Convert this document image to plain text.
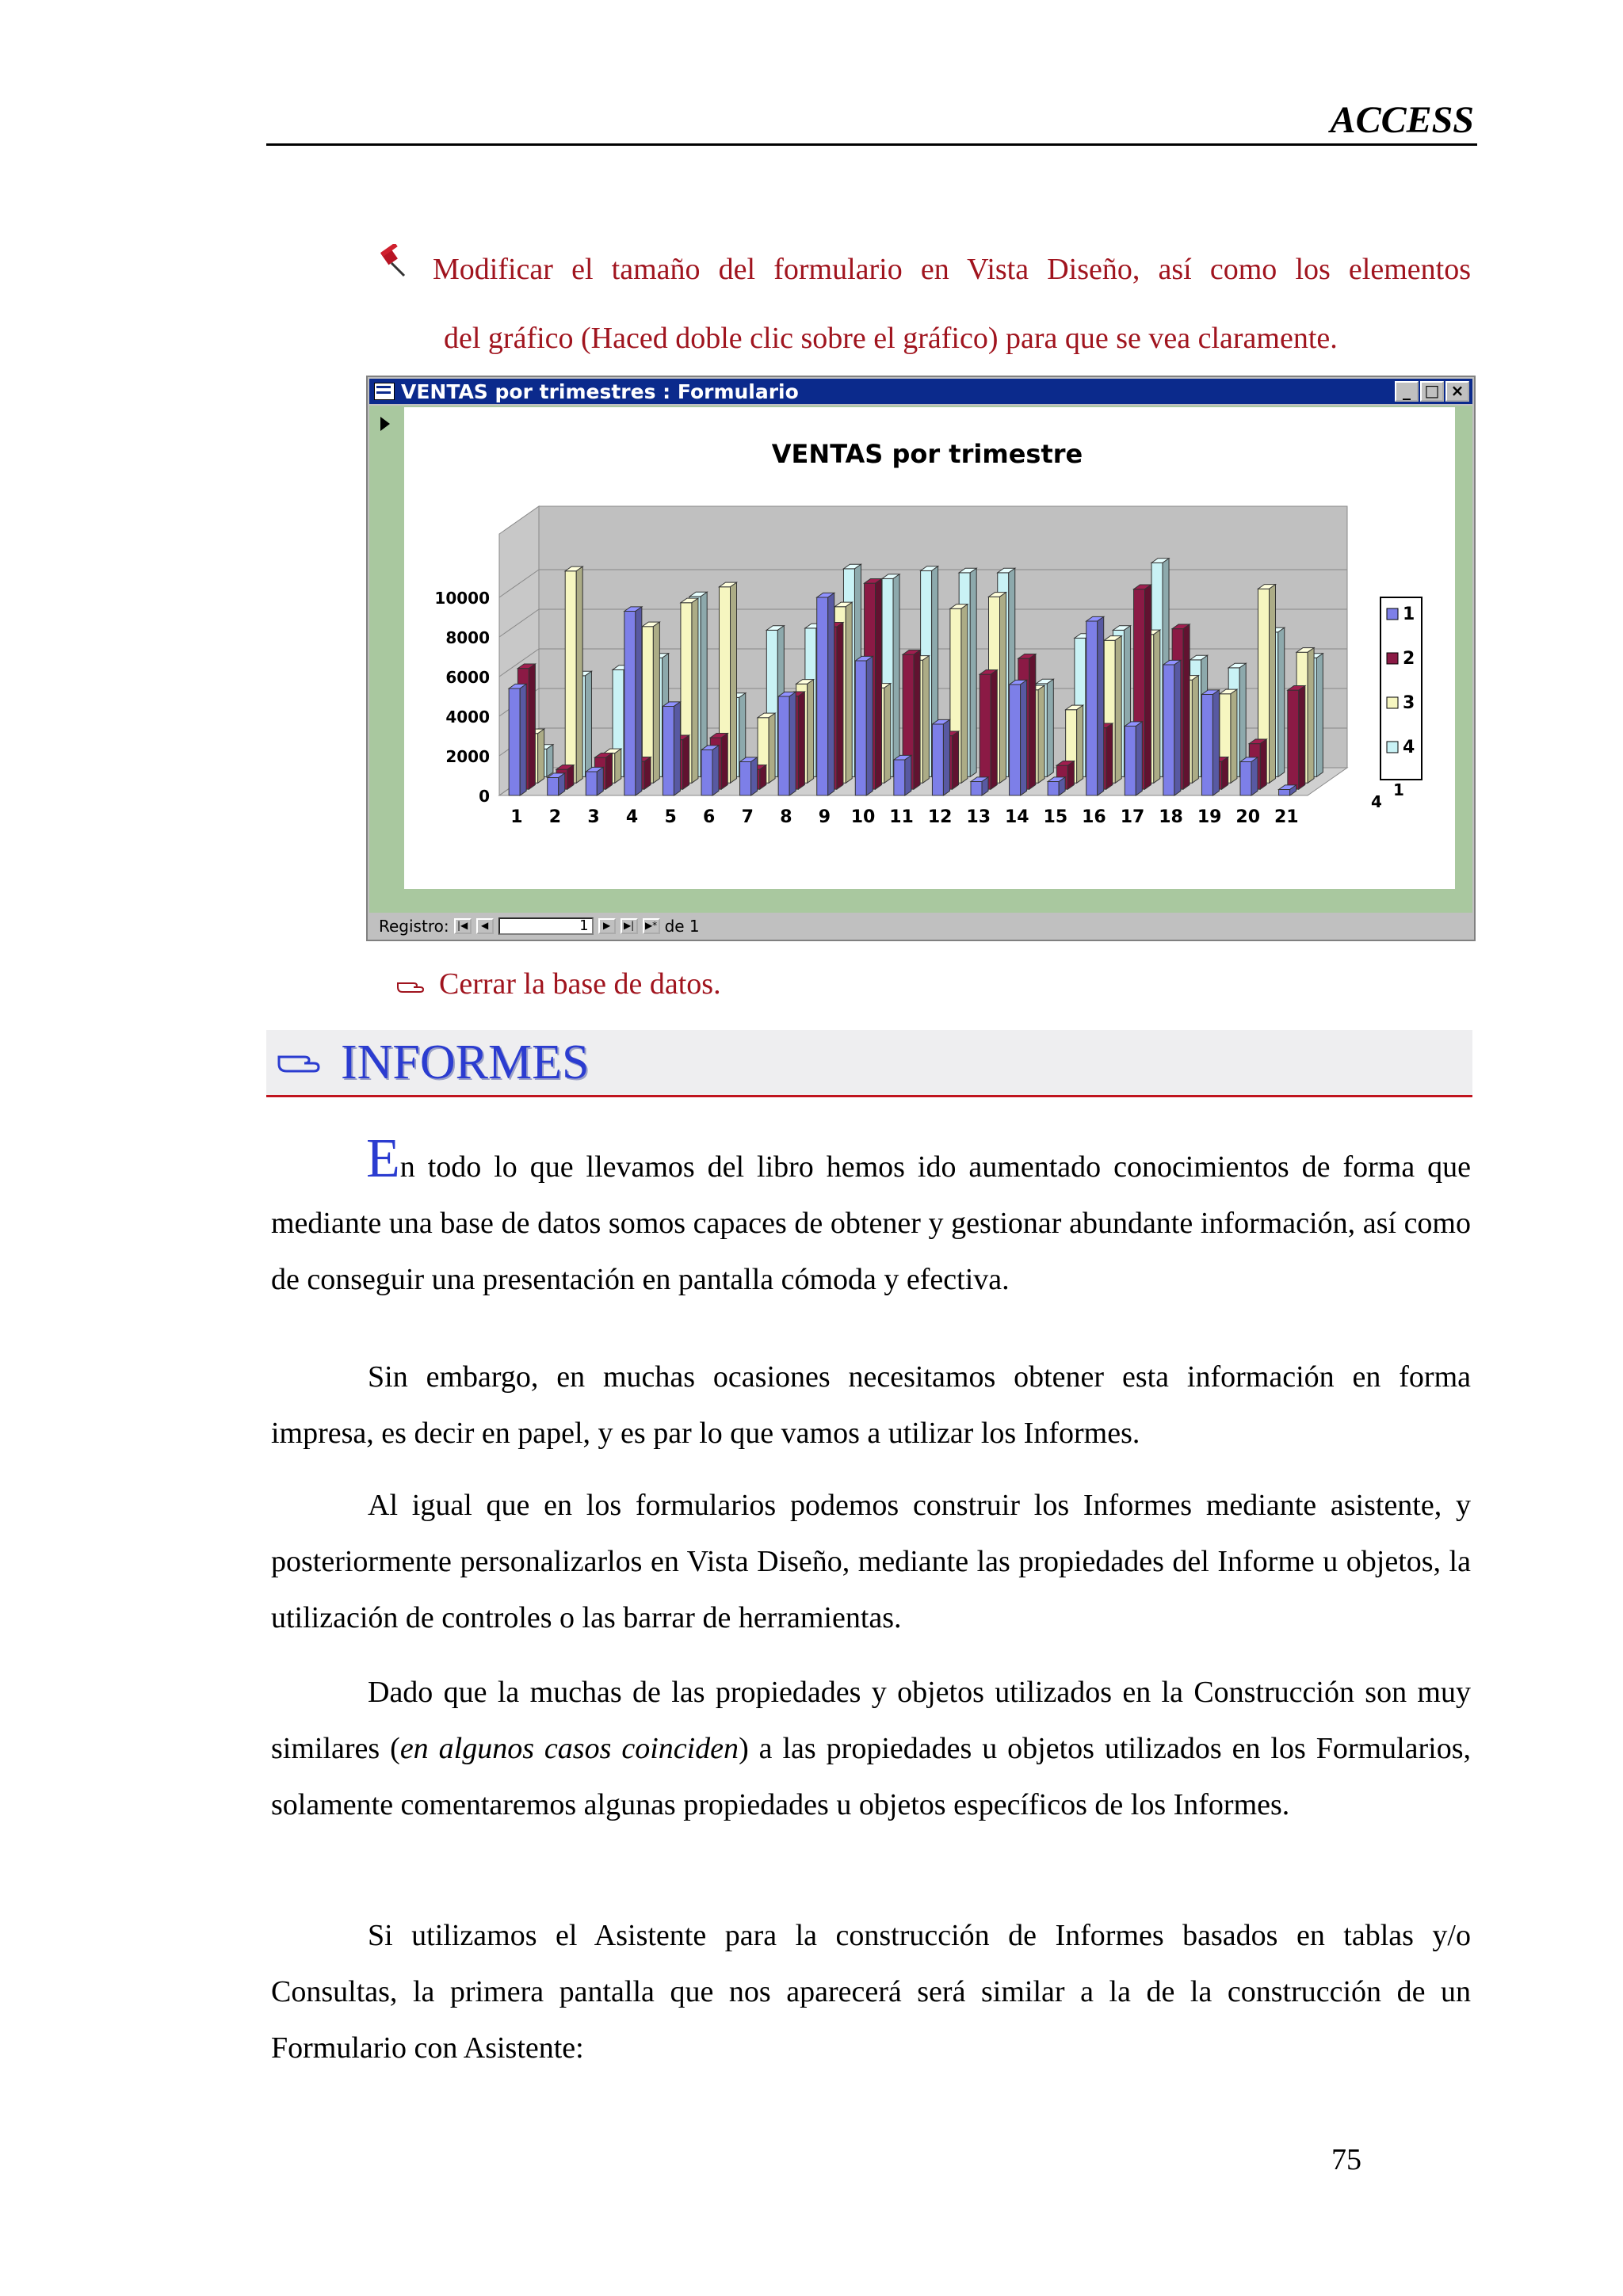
ACCESS
Modificar el tamaño del formulario en Vista Diseño, así como los elementos
del gráfico (Haced doble clic sobre el gráfico) para que se vea claramente.
VENTAS por trimestres : Formulario	_ □ ×
VENTAS por trimestre
0
2000
4000
6000
8000
10000
1 2 3 4 5 6 7 8 9 10 11 12 13 14 15 16 17 18 19 20 21
4
1
1
2
3
4
Registro: |◀	◀	1	▶	▶|	▶* de 1
Cerrar la base de datos.
INFORMES
En todo lo que llevamos del libro hemos ido aumentado conocimientos de forma que mediante una base de datos somos capaces de obtener y gestionar abundante información, así como de conseguir una presentación en pantalla cómoda y efectiva.
Sin embargo, en muchas ocasiones necesitamos obtener esta información en forma impresa, es decir en papel, y es par lo que vamos a utilizar los Informes.
Al igual que en los formularios podemos construir los Informes mediante asistente, y posteriormente personalizarlos en Vista Diseño, mediante las propiedades del Informe u objetos, la utilización de controles o las barrar de herramientas.
Dado que la muchas de las propiedades y objetos utilizados en la Construcción son muy similares (en algunos casos coinciden) a las propiedades u objetos utilizados en los Formularios, solamente comentaremos algunas propiedades u objetos específicos de los Informes.
Si utilizamos el Asistente para la construcción de Informes basados en tablas y/o Consultas, la primera pantalla que nos aparecerá será similar a la de la construcción de un Formulario con Asistente:
75
